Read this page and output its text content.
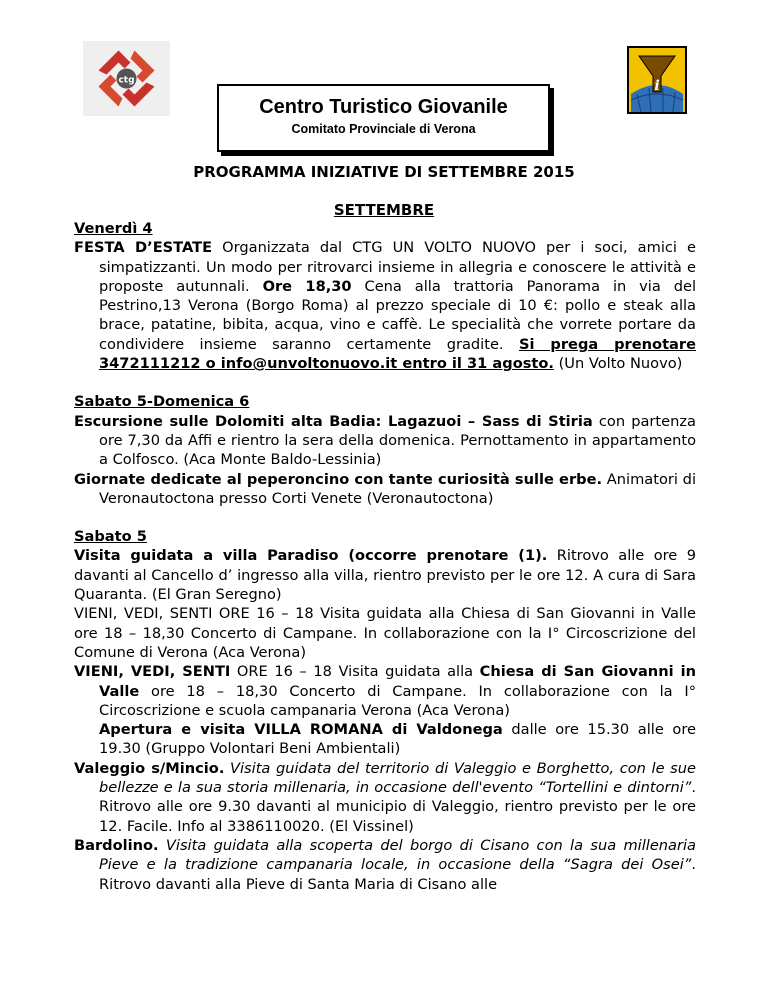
ctg	i
Centro Turistico Giovanile
Comitato Provinciale di Verona
PROGRAMMA INIZIATIVE DI SETTEMBRE 2015
SETTEMBRE
Venerdì 4

FESTA D’ESTATE Organizzata dal CTG UN VOLTO NUOVO per i soci, amici e simpatizzanti. Un modo per ritrovarci insieme in allegria e conoscere le attività e proposte autunnali. Ore 18,30 Cena alla trattoria Panorama in via del Pestrino,13 Verona (Borgo Roma) al prezzo speciale di 10 €: pollo e steak alla brace, patatine, bibita, acqua, vino e caffè. Le specialità che vorrete portare da condividere insieme saranno certamente gradite. Si prega prenotare 3472111212 o info@unvoltonuovo.it entro il 31 agosto. (Un Volto Nuovo)

Sabato 5-Domenica 6

Escursione sulle Dolomiti alta Badia: Lagazuoi – Sass di Stiria con partenza ore 7,30 da Affi e rientro la sera della domenica. Pernottamento in appartamento a Colfosco. (Aca Monte Baldo-Lessinia)

Giornate dedicate al peperoncino con tante curiosità sulle erbe. Animatori di Veronautoctona presso Corti Venete (Veronautoctona)

Sabato 5

Visita guidata a villa Paradiso (occorre prenotare (1). Ritrovo alle ore 9 davanti al Cancello d’ ingresso alla villa, rientro previsto per le ore 12. A cura di Sara Quaranta. (El Gran Seregno)

VIENI, VEDI, SENTI ORE 16 – 18 Visita guidata alla Chiesa di San Giovanni in Valle ore 18 – 18,30 Concerto di Campane. In collaborazione con la I° Circoscrizione del Comune di Verona (Aca Verona)

VIENI, VEDI, SENTI ORE 16 – 18 Visita guidata alla Chiesa di San Giovanni in Valle ore 18 – 18,30 Concerto di Campane. In collaborazione con la I° Circoscrizione e scuola campanaria Verona (Aca Verona)

Apertura e visita VILLA ROMANA di Valdonega dalle ore 15.30 alle ore 19.30 (Gruppo Volontari Beni Ambientali)

Valeggio s/Mincio. Visita guidata del territorio di Valeggio e Borghetto, con le sue bellezze e la sua storia millenaria, in occasione dell'evento “Tortellini e dintorni”. Ritrovo alle ore 9.30 davanti al municipio di Valeggio, rientro previsto per le ore 12. Facile. Info al 3386110020. (El Vissinel)

Bardolino. Visita guidata alla scoperta del borgo di Cisano con la sua millenaria Pieve e la tradizione campanaria locale, in occasione della “Sagra dei Osei”. Ritrovo davanti alla Pieve di Santa Maria di Cisano alle
